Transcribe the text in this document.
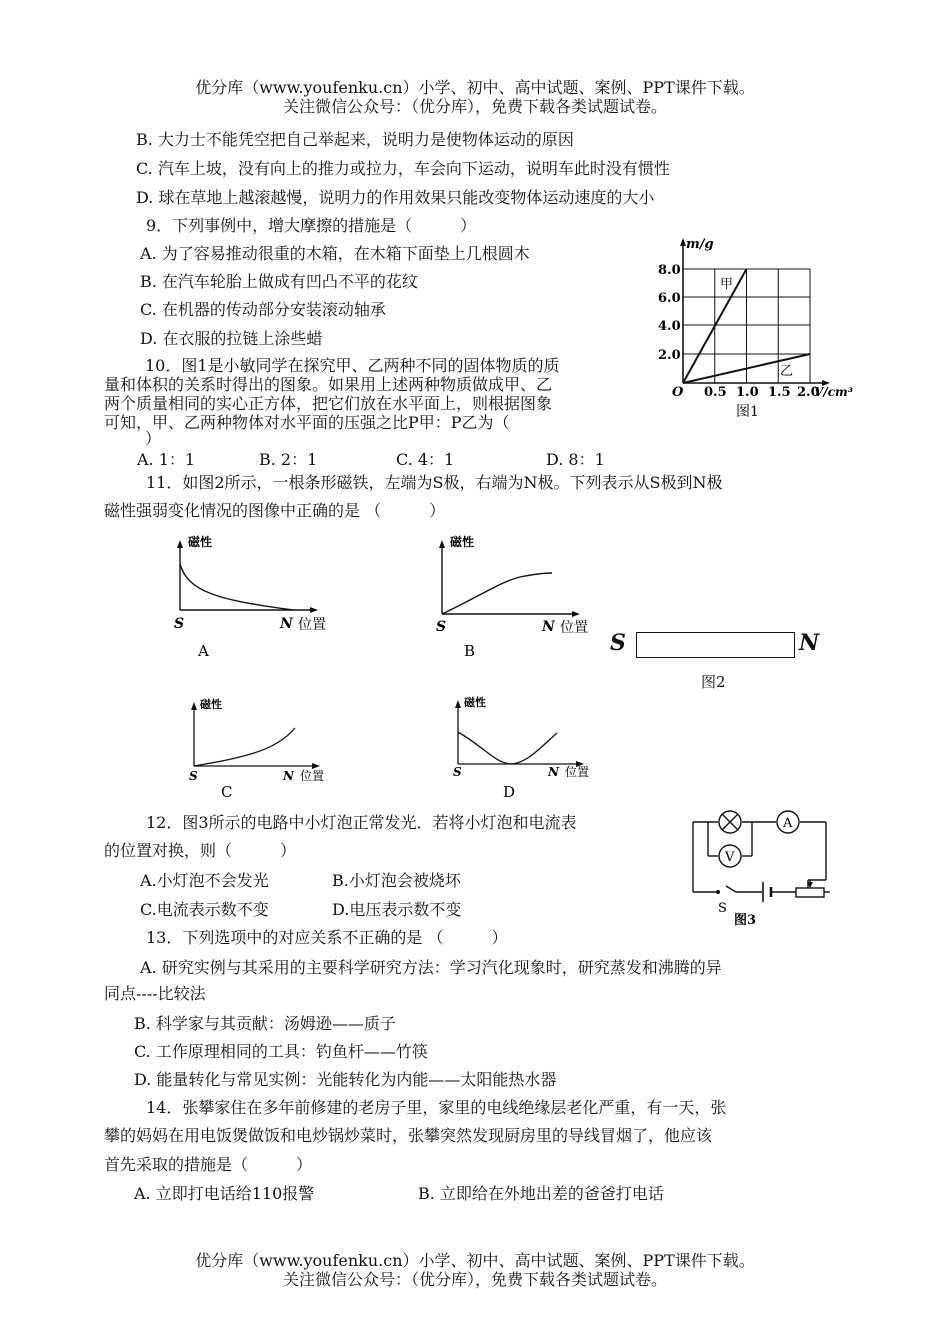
优分库（www.youfenku.cn）小学、初中、高中试题、案例、PPT课件下载。
关注微信公众号：（优分库），免费下载各类试题试卷。
B. 大力士不能凭空把自己举起来，说明力是使物体运动的原因
C. 汽车上坡，没有向上的推力或拉力，车会向下运动，说明车此时没有惯性
D. 球在草地上越滚越慢，说明力的作用效果只能改变物体运动速度的大小
9．下列事例中，增大摩擦的措施是（　　　）
A. 为了容易推动很重的木箱，在木箱下面垫上几根圆木
B. 在汽车轮胎上做成有凹凸不平的花纹
C. 在机器的传动部分安装滚动轴承
D. 在衣服的拉链上涂些蜡
10．图1是小敏同学在探究甲、乙两种不同的固体物质的质
量和体积的关系时得出的图象。如果用上述两种物质做成甲、乙
两个质量相同的实心正方体，把它们放在水平面上，则根据图象
可知，甲、乙两种物体对水平面的压强之比P甲：P乙为（
）
A. 1：1	B. 2：1	C. 4：1	D. 8：1
m/g
V/cm³
O
2.0
4.0
6.0
8.0
0.5 1.0 1.5 2.0
甲
乙
图1
11．如图2所示，一根条形磁铁，左端为S极，右端为N极。下列表示从S极到N极
磁性强弱变化情况的图像中正确的是 （　　　）
磁性
S	N 位置
A
磁性
S	N 位置
B	S	N
图2
磁性
S	N 位置
C
磁性
S	N 位置
D
12．图3所示的电路中小灯泡正常发光．若将小灯泡和电流表
的位置对换，则（　　　）
A.小灯泡不会发光	B.小灯泡会被烧坏
C.电流表示数不变	D.电压表示数不变
A
V
S
图3
13．下列选项中的对应关系不正确的是 （　　　）
A. 研究实例与其采用的主要科学研究方法：学习汽化现象时，研究蒸发和沸腾的异
同点----比较法
B. 科学家与其贡献：汤姆逊——质子
C. 工作原理相同的工具：钓鱼杆——竹筷
D. 能量转化与常见实例：光能转化为内能——太阳能热水器
14．张攀家住在多年前修建的老房子里，家里的电线绝缘层老化严重，有一天，张
攀的妈妈在用电饭煲做饭和电炒锅炒菜时，张攀突然发现厨房里的导线冒烟了，他应该
首先采取的措施是（　　　）
A. 立即打电话给110报警	B. 立即给在外地出差的爸爸打电话
优分库（www.youfenku.cn）小学、初中、高中试题、案例、PPT课件下载。
关注微信公众号：（优分库），免费下载各类试题试卷。
